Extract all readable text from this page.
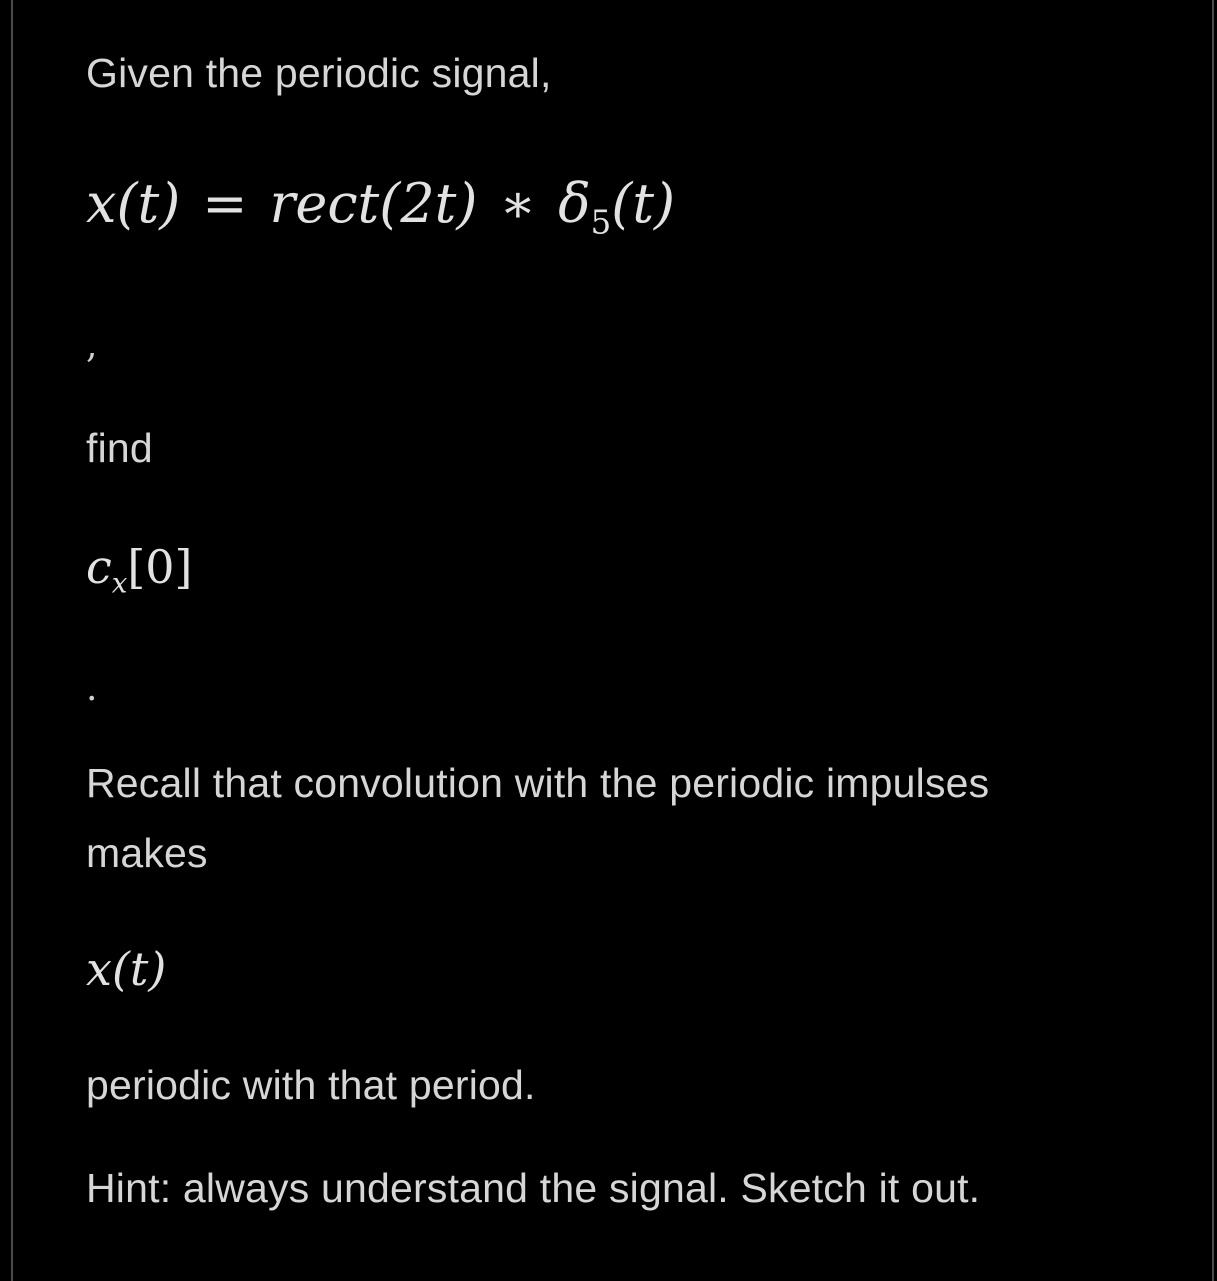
Given the periodic signal,
x(t) = rect(2t) ∗ $\delta_5(t)$
,
find
$c_x[0]$
.
Recall that convolution with the periodic impulses
makes
x(t)
periodic with that period.
Hint: always understand the signal. Sketch it out.
